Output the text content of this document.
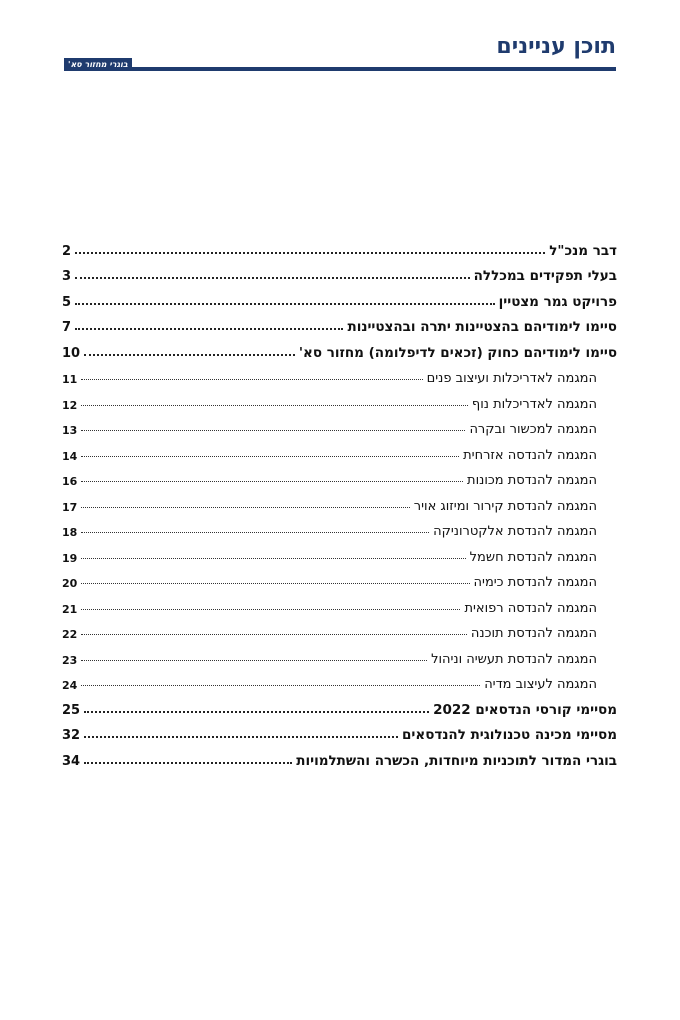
תוכן עניינים
בוגרי מחזור סא'
דבר מנכ"ל
2
בעלי תפקידים במכללה
3
פרויקט גמר מצטיין
5
סיימו לימודיהם בהצטיינות יתרה ובהצטיינות
7
סיימו לימודיהם כחוק (זכאים לדיפלומה) מחזור סא'
10
המגמה לאדריכלות ועיצוב פנים
11
המגמה לאדריכלות נוף
12
המגמה למכשור ובקרה
13
המגמה להנדסה אזרחית
14
המגמה להנדסת מכונות
16
המגמה להנדסת קירור ומיזוג אויר
17
המגמה להנדסת אלקטרוניקה
18
המגמה להנדסת חשמל
19
המגמה להנדסת כימיה
20
המגמה להנדסה רפואית
21
המגמה להנדסת תוכנה
22
המגמה להנדסת תעשיה וניהול
23
המגמה לעיצוב מדיה
24
מסיימי קורסי הנדסאים 2022
25
מסיימי מכינה טכנולוגית להנדסאים
32
בוגרי המדור לתוכניות מיוחדות, הכשרה והשתלמויות
34
